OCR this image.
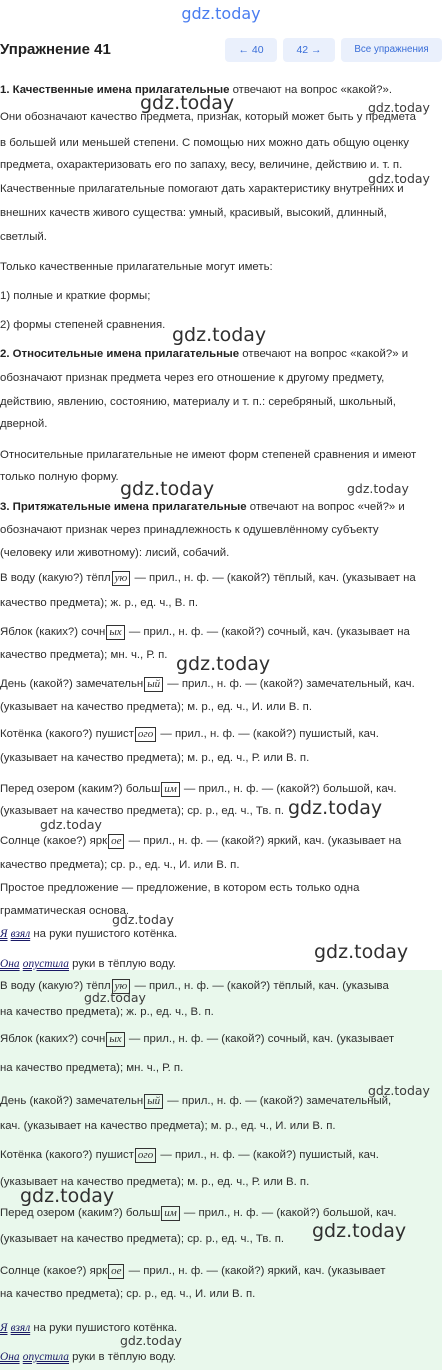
gdz.today
Упражнение 41	← 40	42 →	Все упражнения
1. Качественные имена прилагательные отвечают на вопрос «какой?».
Они обозначают качество предмета, признак, который может быть у предмета
в большей или меньшей степени. С помощью них можно дать общую оценку
предмета, охарактеризовать его по запаху, весу, величине, действию и. т. п.
Качественные прилагательные помогают дать характеристику внутренних и
внешних качеств живого существа: умный, красивый, высокий, длинный,
светлый.
Только качественные прилагательные могут иметь:
1) полные и краткие формы;
2) формы степеней сравнения.
2. Относительные имена прилагательные отвечают на вопрос «какой?» и
обозначают признак предмета через его отношение к другому предмету,
действию, явлению, состоянию, материалу и т. п.: серебряный, школьный,
дверной.
Относительные прилагательные не имеют форм степеней сравнения и имеют
только полную форму.
3. Притяжательные имена прилагательные отвечают на вопрос «чей?» и
обозначают признак через принадлежность к одушевлённому субъекту
(человеку или животному): лисий, собачий.
В воду (какую?) тёпл ую — прил., н. ф. — (какой?) тёплый, кач. (указывает на
качество предмета); ж. р., ед. ч., В. п.
Яблок (каких?) сочн ых — прил., н. ф. — (какой?) сочный, кач. (указывает на
качество предмета); мн. ч., Р. п.
День (какой?) замечательн ый — прил., н. ф. — (какой?) замечательный, кач.
(указывает на качество предмета); м. р., ед. ч., И. или В. п.
Котёнка (какого?) пушист ого — прил., н. ф. — (какой?) пушистый, кач.
(указывает на качество предмета); м. р., ед. ч., Р. или В. п.
Перед озером (каким?) больш им — прил., н. ф. — (какой?) большой, кач.
(указывает на качество предмета); ср. р., ед. ч., Тв. п.
Солнце (какое?) ярк ое — прил., н. ф. — (какой?) яркий, кач. (указывает на
качество предмета); ср. р., ед. ч., И. или В. п.
Простое предложение — предложение, в котором есть только одна
грамматическая основа.
Я взял на руки пушистого котёнка.
Она опустила руки в тёплую воду.
В воду (какую?) тёпл ую — прил., н. ф. — (какой?) тёплый, кач. (указыва
на качество предмета); ж. р., ед. ч., В. п.
Яблок (каких?) сочн ых — прил., н. ф. — (какой?) сочный, кач. (указывает
на качество предмета); мн. ч., Р. п.
День (какой?) замечательн ый — прил., н. ф. — (какой?) замечательный,
кач. (указывает на качество предмета); м. р., ед. ч., И. или В. п.
Котёнка (какого?) пушист ого — прил., н. ф. — (какой?) пушистый, кач.
(указывает на качество предмета); м. р., ед. ч., Р. или В. п.
Перед озером (каким?) больш им — прил., н. ф. — (какой?) большой, кач.
(указывает на качество предмета); ср. р., ед. ч., Тв. п.
Солнце (какое?) ярк ое — прил., н. ф. — (какой?) яркий, кач. (указывает
на качество предмета); ср. р., ед. ч., И. или В. п.
Я взял на руки пушистого котёнка.
Она опустила руки в тёплую воду.
gdz.today	gdz.today
gdz.today
gdz.today
gdz.today	gdz.today
gdz.today
gdz.today
gdz.today
gdz.today
gdz.today
gdz.today
gdz.today
gdz.today
gdz.today
gdz.today
